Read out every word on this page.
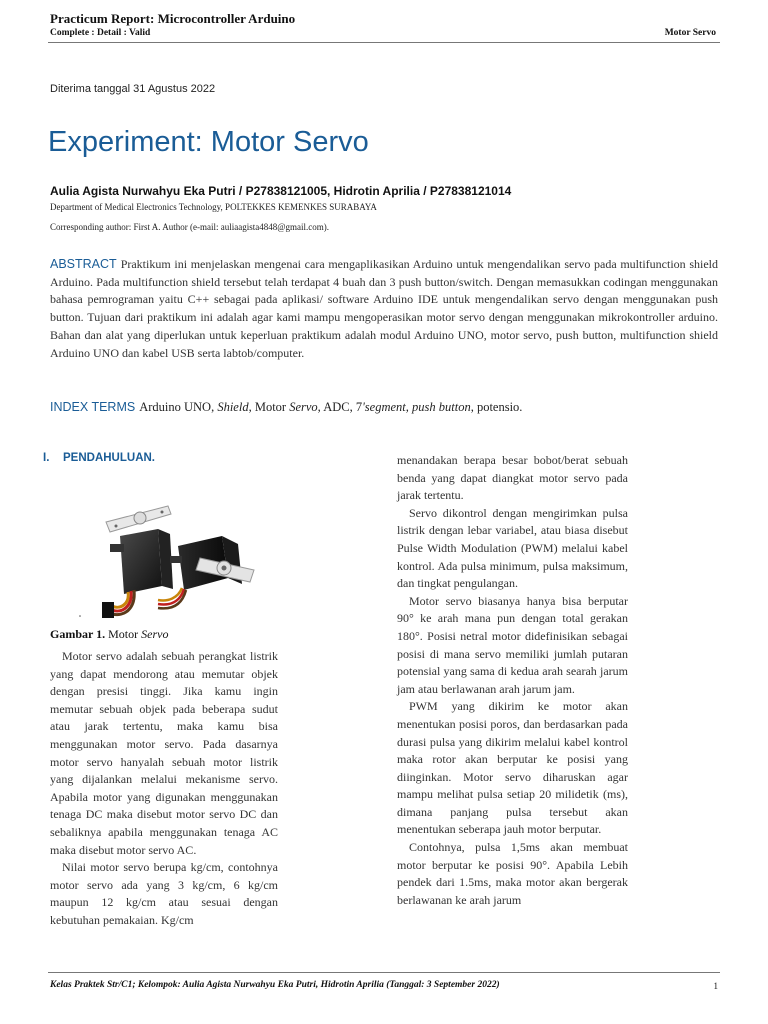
Practicum Report: Microcontroller Arduino
Complete : Detail : Valid	Motor Servo
Diterima tanggal 31 Agustus 2022
Experiment: Motor Servo
Aulia Agista Nurwahyu Eka Putri / P27838121005, Hidrotin Aprilia / P27838121014
Department of Medical Electronics Technology, POLTEKKES KEMENKES SURABAYA
Corresponding author: First A. Author (e-mail: auliaagista4848@gmail.com).

ABSTRACT Praktikum ini menjelaskan mengenai cara mengaplikasikan Arduino untuk mengendalikan servo pada multifunction shield Arduino. Pada multifunction shield tersebut telah terdapat 4 buah dan 3 push button/switch. Dengan memasukkan codingan menggunakan bahasa pemrograman yaitu C++ sebagai pada aplikasi/ software Arduino IDE untuk mengendalikan servo dengan menggunakan push button. Tujuan dari praktikum ini adalah agar kami mampu mengoperasikan motor servo dengan menggunakan mikrokontroller arduino. Bahan dan alat yang diperlukan untuk keperluan praktikum adalah modul Arduino UNO, motor servo, push button, multifunction shield Arduino UNO dan kabel USB serta labtob/computer.

INDEX TERMS Arduino UNO, Shield, Motor Servo, ADC, 7'segment, push button, potensio.

I. PENDAHULUAN.
Gambar 1. Motor Servo

Motor servo adalah sebuah perangkat listrik yang dapat mendorong atau memutar objek dengan presisi tinggi. Jika kamu ingin memutar sebuah objek pada beberapa sudut atau jarak tertentu, maka kamu bisa menggunakan motor servo. Pada dasarnya motor servo hanyalah sebuah motor listrik yang dijalankan melalui mekanisme servo. Apabila motor yang digunakan menggunakan tenaga DC maka disebut motor servo DC dan sebaliknya apabila menggunakan tenaga AC maka disebut motor servo AC.

Nilai motor servo berupa kg/cm, contohnya motor servo ada yang 3 kg/cm, 6 kg/cm maupun 12 kg/cm atau sesuai dengan kebutuhan pemakaian. Kg/cm

menandakan berapa besar bobot/berat sebuah benda yang dapat diangkat motor servo pada jarak tertentu.

Servo dikontrol dengan mengirimkan pulsa listrik dengan lebar variabel, atau biasa disebut Pulse Width Modulation (PWM) melalui kabel kontrol. Ada pulsa minimum, pulsa maksimum, dan tingkat pengulangan.

Motor servo biasanya hanya bisa berputar 90° ke arah mana pun dengan total gerakan 180°. Posisi netral motor didefinisikan sebagai posisi di mana servo memiliki jumlah putaran potensial yang sama di kedua arah searah jarum jam atau berlawanan arah jarum jam.

PWM yang dikirim ke motor akan menentukan posisi poros, dan berdasarkan pada durasi pulsa yang dikirim melalui kabel kontrol maka rotor akan berputar ke posisi yang diinginkan. Motor servo diharuskan agar mampu melihat pulsa setiap 20 milidetik (ms), dimana panjang pulsa tersebut akan menentukan seberapa jauh motor berputar.

Contohnya, pulsa 1,5ms akan membuat motor berputar ke posisi 90°. Apabila Lebih pendek dari 1.5ms, maka motor akan bergerak berlawanan ke arah jarum

Kelas Praktek Str/C1; Kelompok: Aulia Agista Nurwahyu Eka Putri, Hidrotin Aprilia (Tanggal: 3 September 2022)	1
